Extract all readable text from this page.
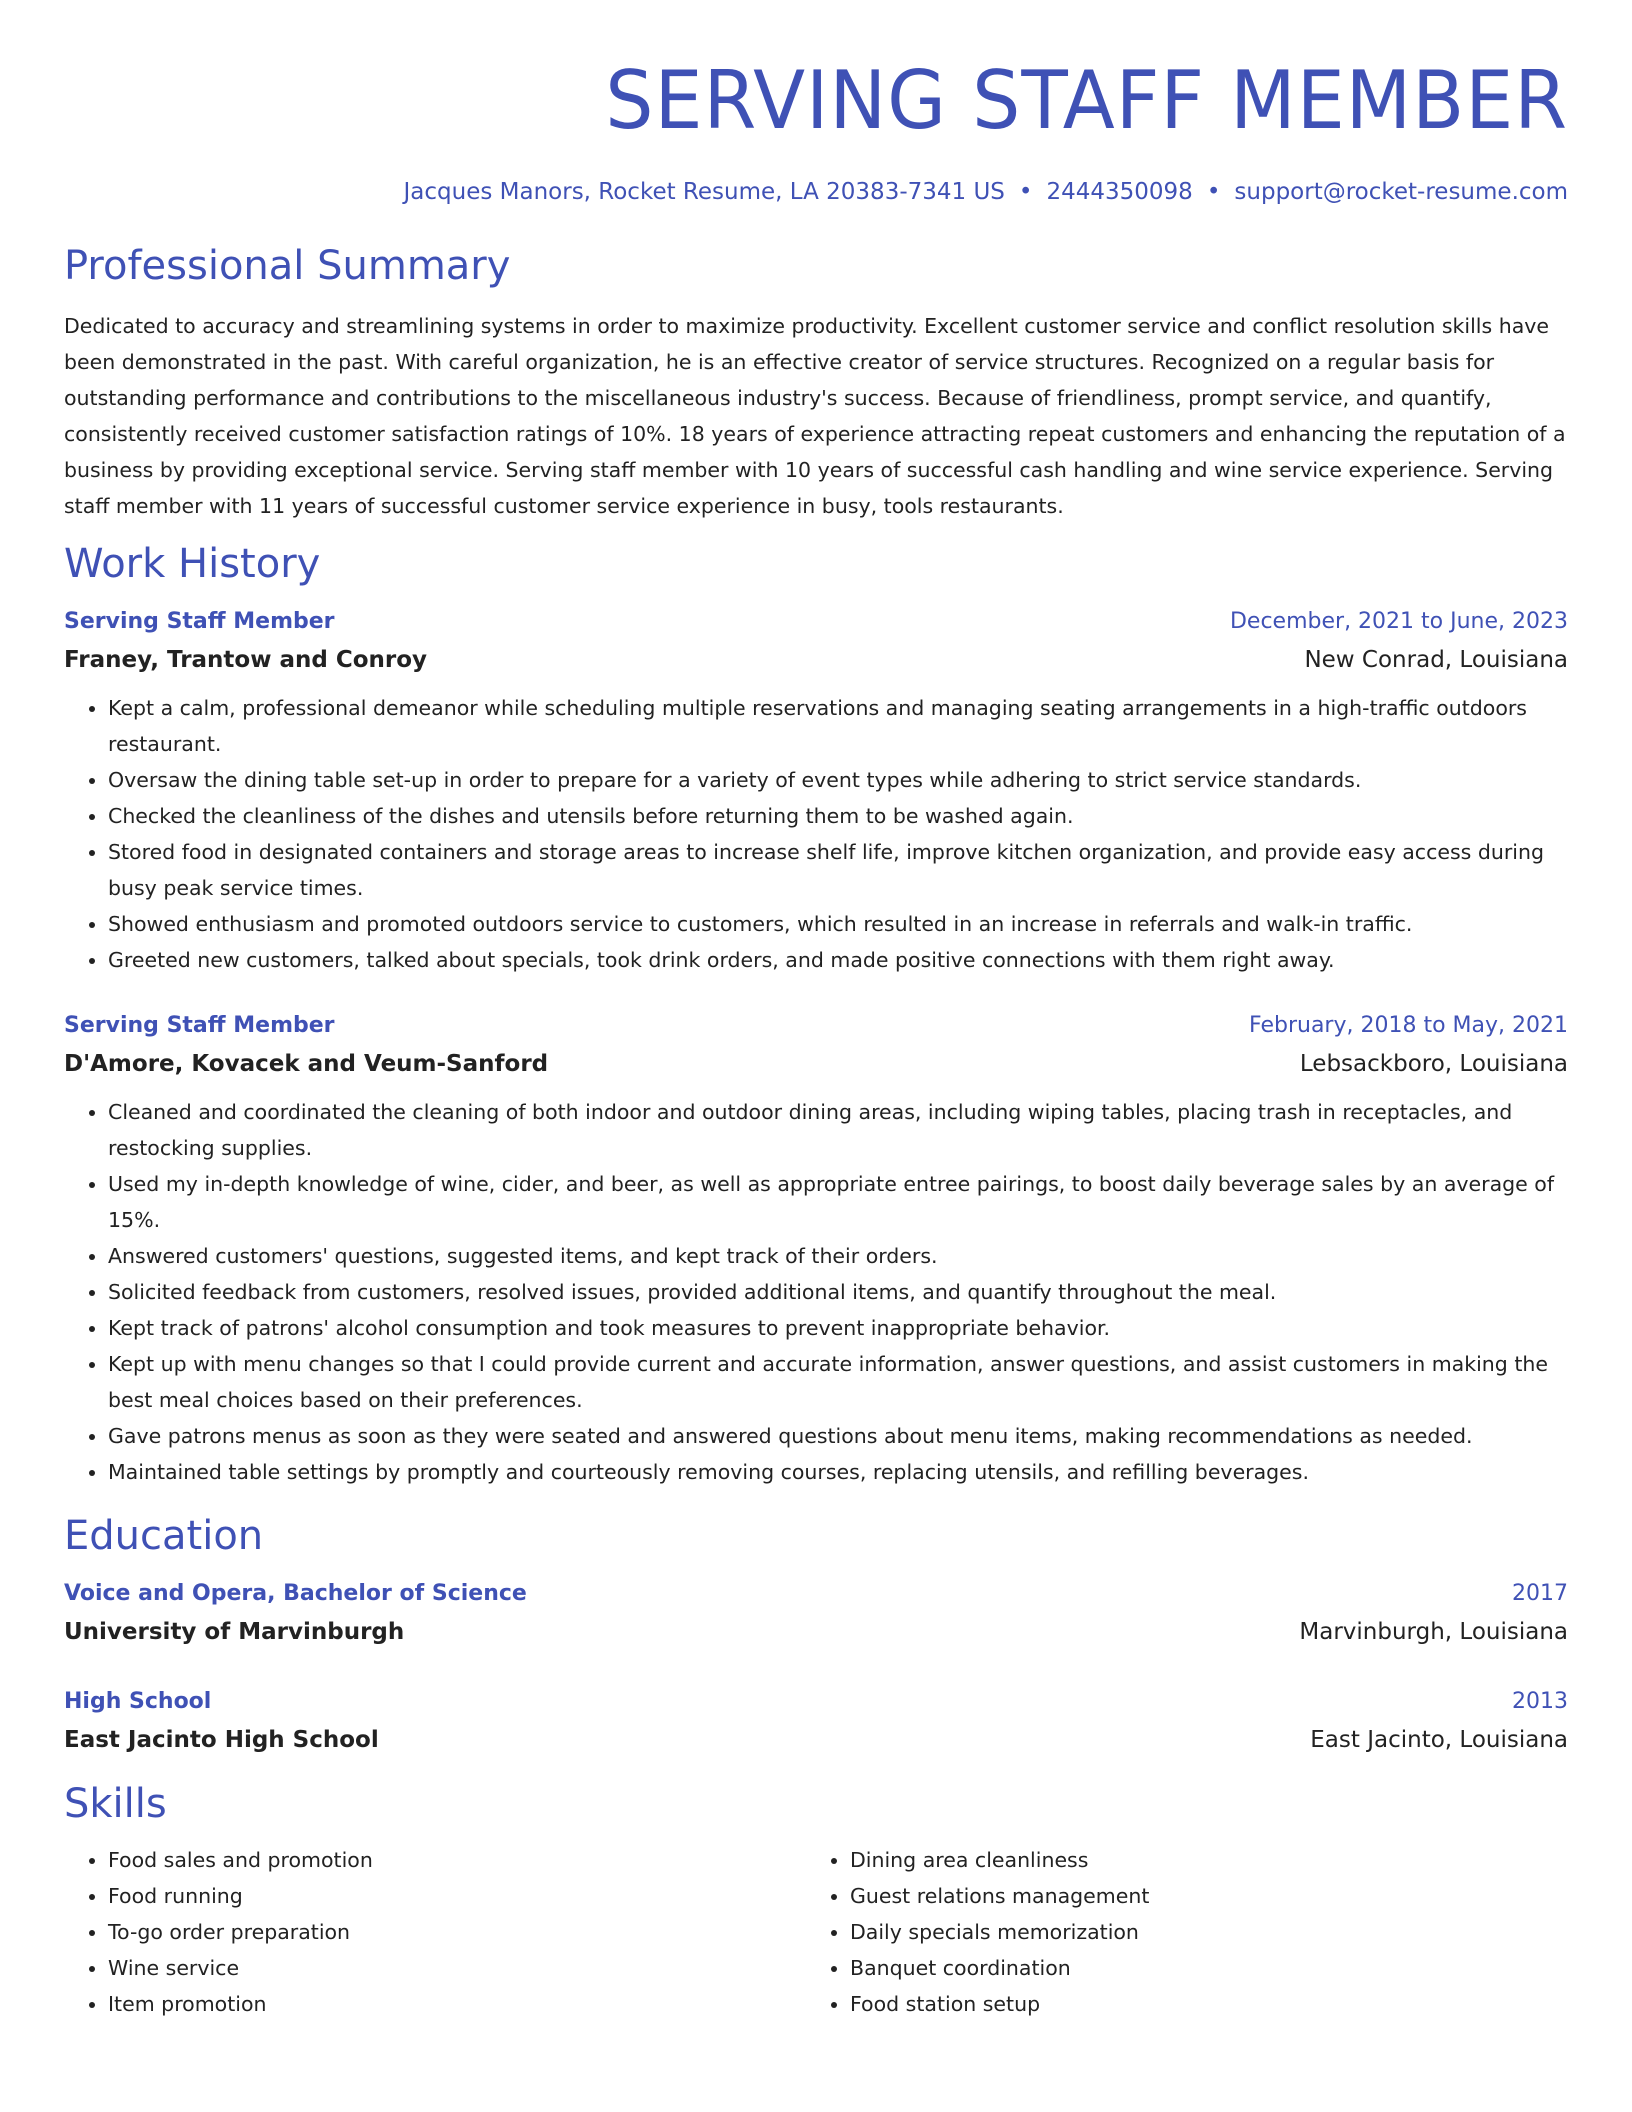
SERVING STAFF MEMBER
Jacques Manors, Rocket Resume, LA 20383-7341 US • 2444350098 • support@rocket-resume.com
Professional Summary

Dedicated to accuracy and streamlining systems in order to maximize productivity. Excellent customer service and conflict resolution skills have been demonstrated in the past. With careful organization, he is an effective creator of service structures. Recognized on a regular basis for outstanding performance and contributions to the miscellaneous industry's success. Because of friendliness, prompt service, and quantify, consistently received customer satisfaction ratings of 10%. 18 years of experience attracting repeat customers and enhancing the reputation of a business by providing exceptional service. Serving staff member with 10 years of successful cash handling and wine service experience. Serving staff member with 11 years of successful customer service experience in busy, tools restaurants.

Work History
Serving Staff Member	December, 2021 to June, 2023
Franey, Trantow and Conroy	New Conrad, Louisiana
• Kept a calm, professional demeanor while scheduling multiple reservations and managing seating arrangements in a high-traffic outdoors restaurant.
• Oversaw the dining table set-up in order to prepare for a variety of event types while adhering to strict service standards.
• Checked the cleanliness of the dishes and utensils before returning them to be washed again.
• Stored food in designated containers and storage areas to increase shelf life, improve kitchen organization, and provide easy access during busy peak service times.
• Showed enthusiasm and promoted outdoors service to customers, which resulted in an increase in referrals and walk-in traffic.
• Greeted new customers, talked about specials, took drink orders, and made positive connections with them right away.
Serving Staff Member	February, 2018 to May, 2021
D'Amore, Kovacek and Veum-Sanford	Lebsackboro, Louisiana
• Cleaned and coordinated the cleaning of both indoor and outdoor dining areas, including wiping tables, placing trash in receptacles, and restocking supplies.
• Used my in-depth knowledge of wine, cider, and beer, as well as appropriate entree pairings, to boost daily beverage sales by an average of 15%.
• Answered customers' questions, suggested items, and kept track of their orders.
• Solicited feedback from customers, resolved issues, provided additional items, and quantify throughout the meal.
• Kept track of patrons' alcohol consumption and took measures to prevent inappropriate behavior.
• Kept up with menu changes so that I could provide current and accurate information, answer questions, and assist customers in making the best meal choices based on their preferences.
• Gave patrons menus as soon as they were seated and answered questions about menu items, making recommendations as needed.
• Maintained table settings by promptly and courteously removing courses, replacing utensils, and refilling beverages.
Education
Voice and Opera, Bachelor of Science	2017
University of Marvinburgh	Marvinburgh, Louisiana
High School	2013
East Jacinto High School	East Jacinto, Louisiana
Skills
• Food sales and promotion
• Food running
• To-go order preparation
• Wine service
• Item promotion
• Dining area cleanliness
• Guest relations management
• Daily specials memorization
• Banquet coordination
• Food station setup
